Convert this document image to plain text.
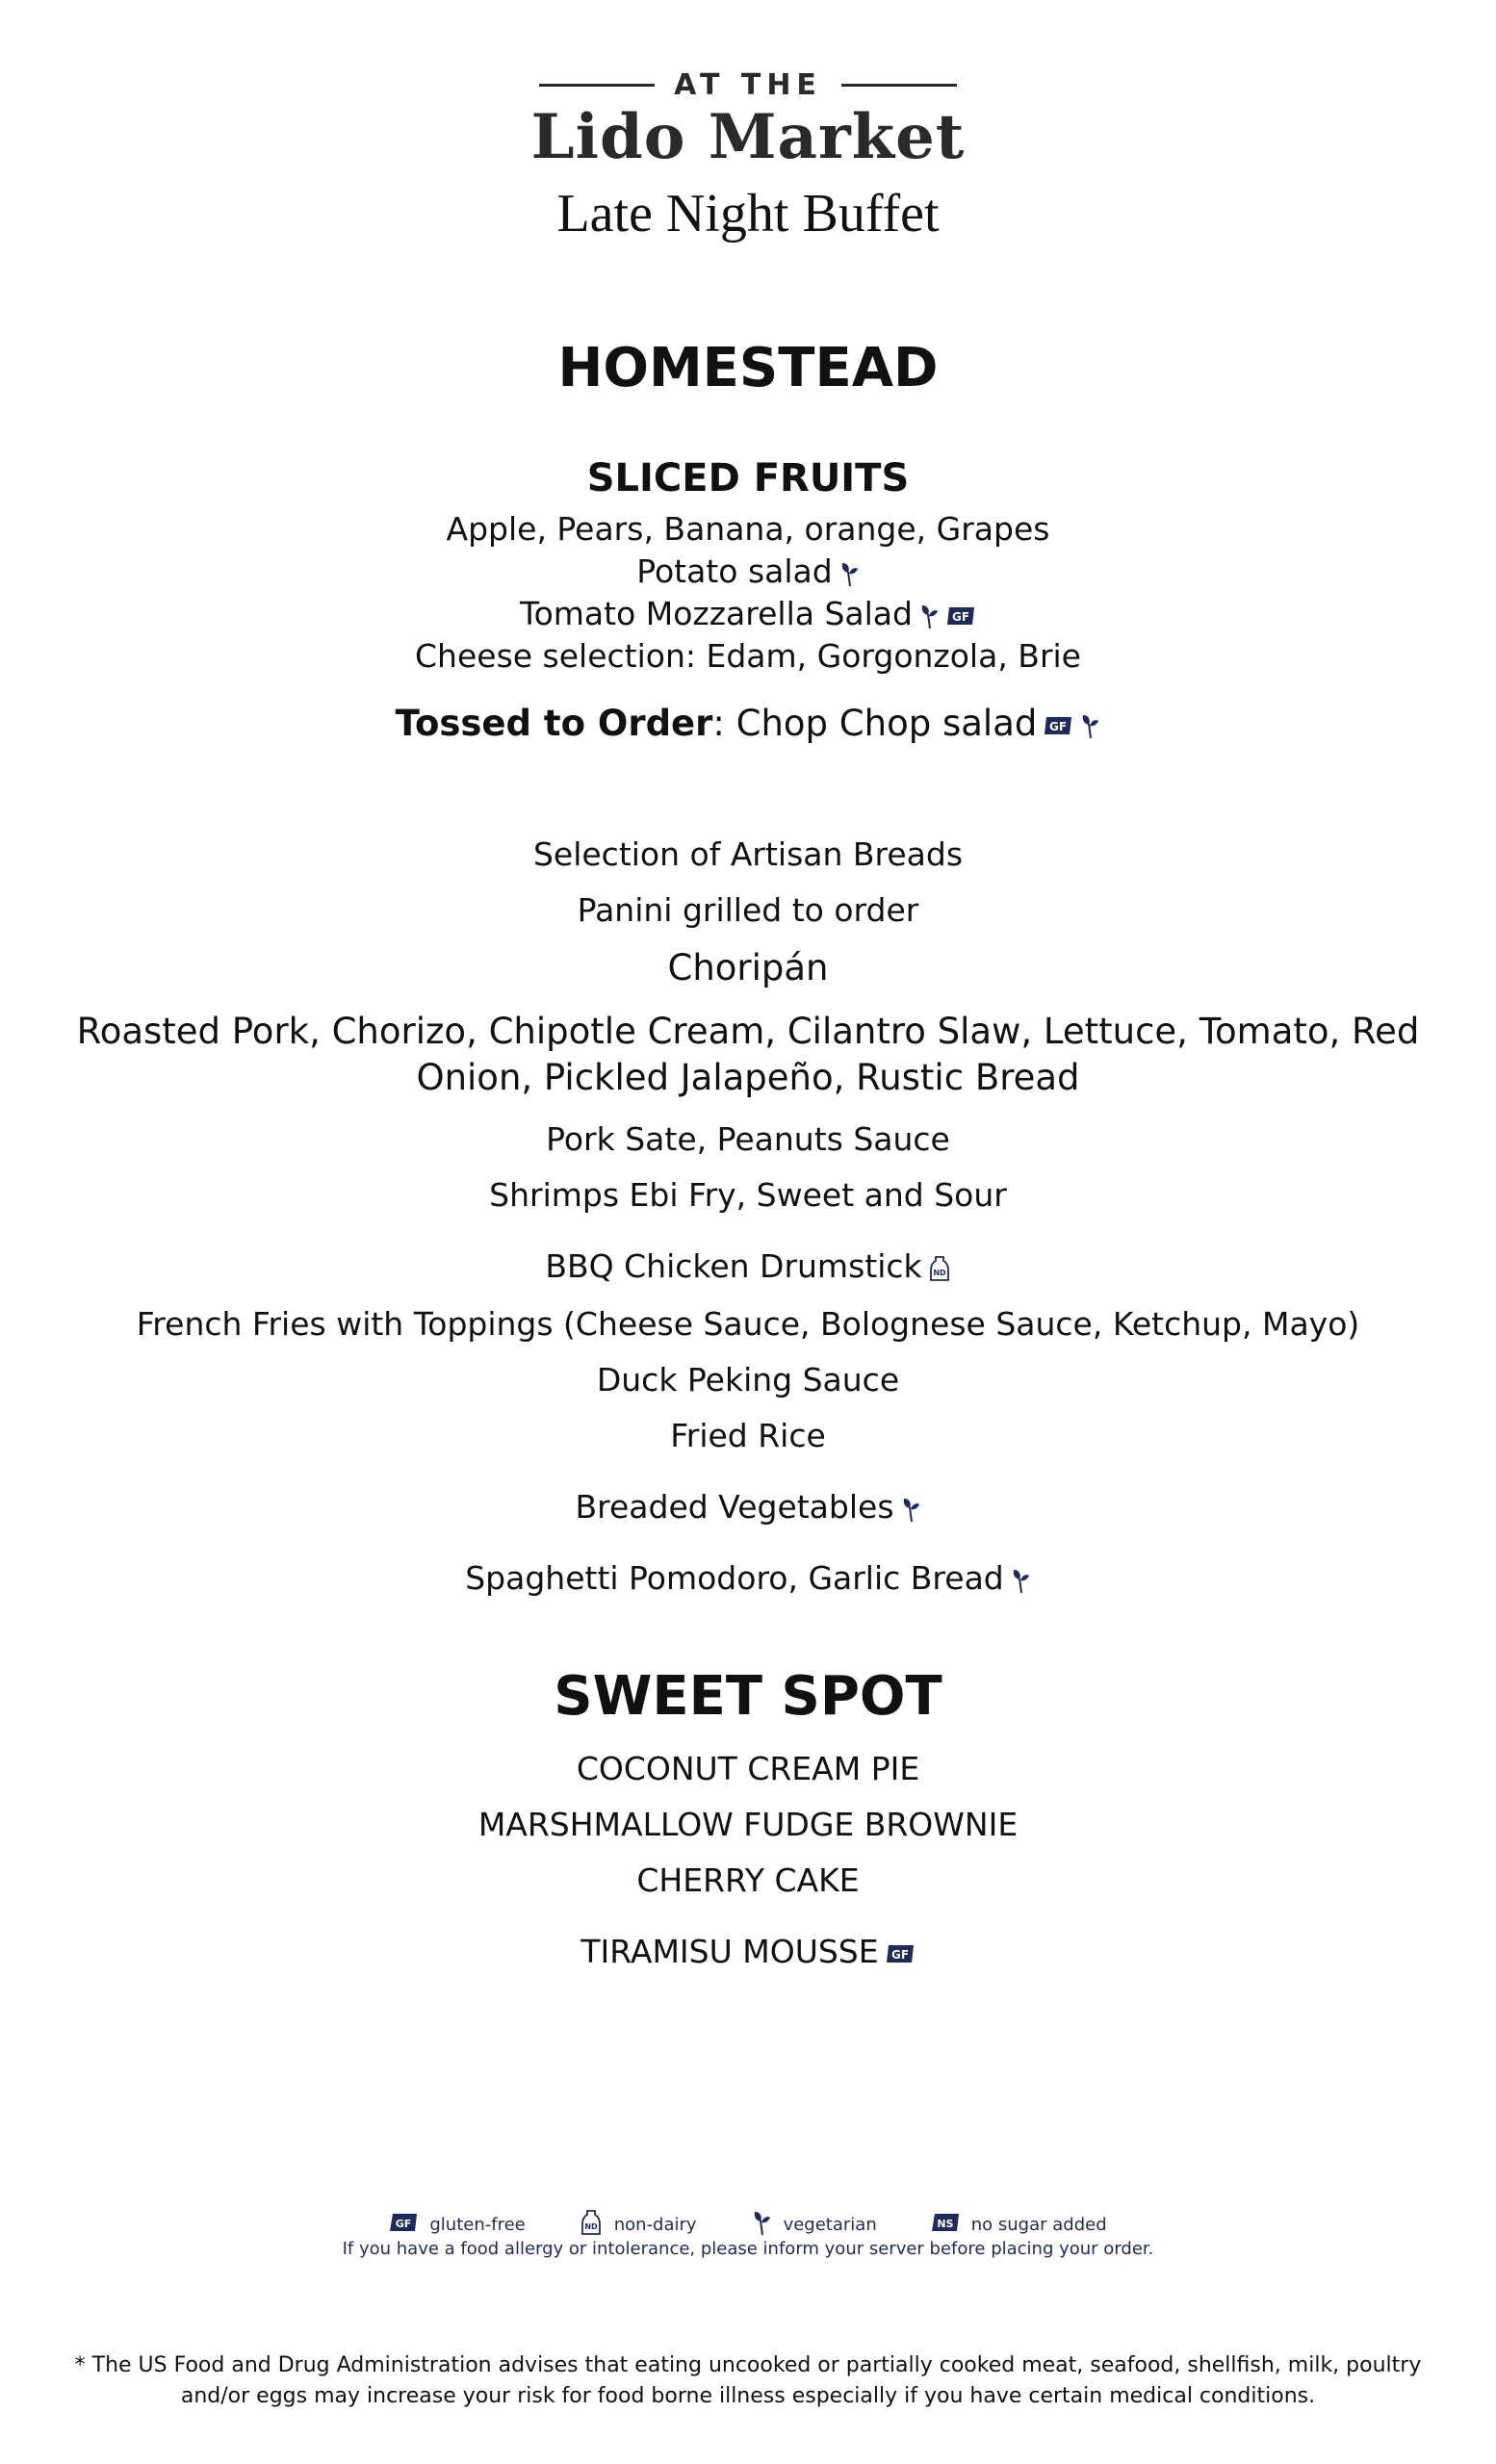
AT THE
Lido Market
Late Night Buffet
HOMESTEAD
SLICED FRUITS
Apple, Pears, Banana, orange, Grapes
Potato salad
Tomato Mozzarella Salad	GF
Cheese selection: Edam, Gorgonzola, Brie
Tossed to Order: Chop Chop salad GF
Selection of Artisan Breads
Panini grilled to order
Choripán
Roasted Pork, Chorizo, Chipotle Cream, Cilantro Slaw, Lettuce, Tomato, Red
Onion, Pickled Jalapeño, Rustic Bread
Pork Sate, Peanuts Sauce
Shrimps Ebi Fry, Sweet and Sour
BBQ Chicken Drumstick ND
French Fries with Toppings (Cheese Sauce, Bolognese Sauce, Ketchup, Mayo)
Duck Peking Sauce
Fried Rice
Breaded Vegetables
Spaghetti Pomodoro, Garlic Bread
SWEET SPOT
COCONUT CREAM PIE
MARSHMALLOW FUDGE BROWNIE
CHERRY CAKE
TIRAMISU MOUSSE GF
GF gluten-free	ND non-dairy	vegetarian	NS no sugar added
If you have a food allergy or intolerance, please inform your server before placing your order.
* The US Food and Drug Administration advises that eating uncooked or partially cooked meat, seafood, shellfish, milk, poultry
and/or eggs may increase your risk for food borne illness especially if you have certain medical conditions.
